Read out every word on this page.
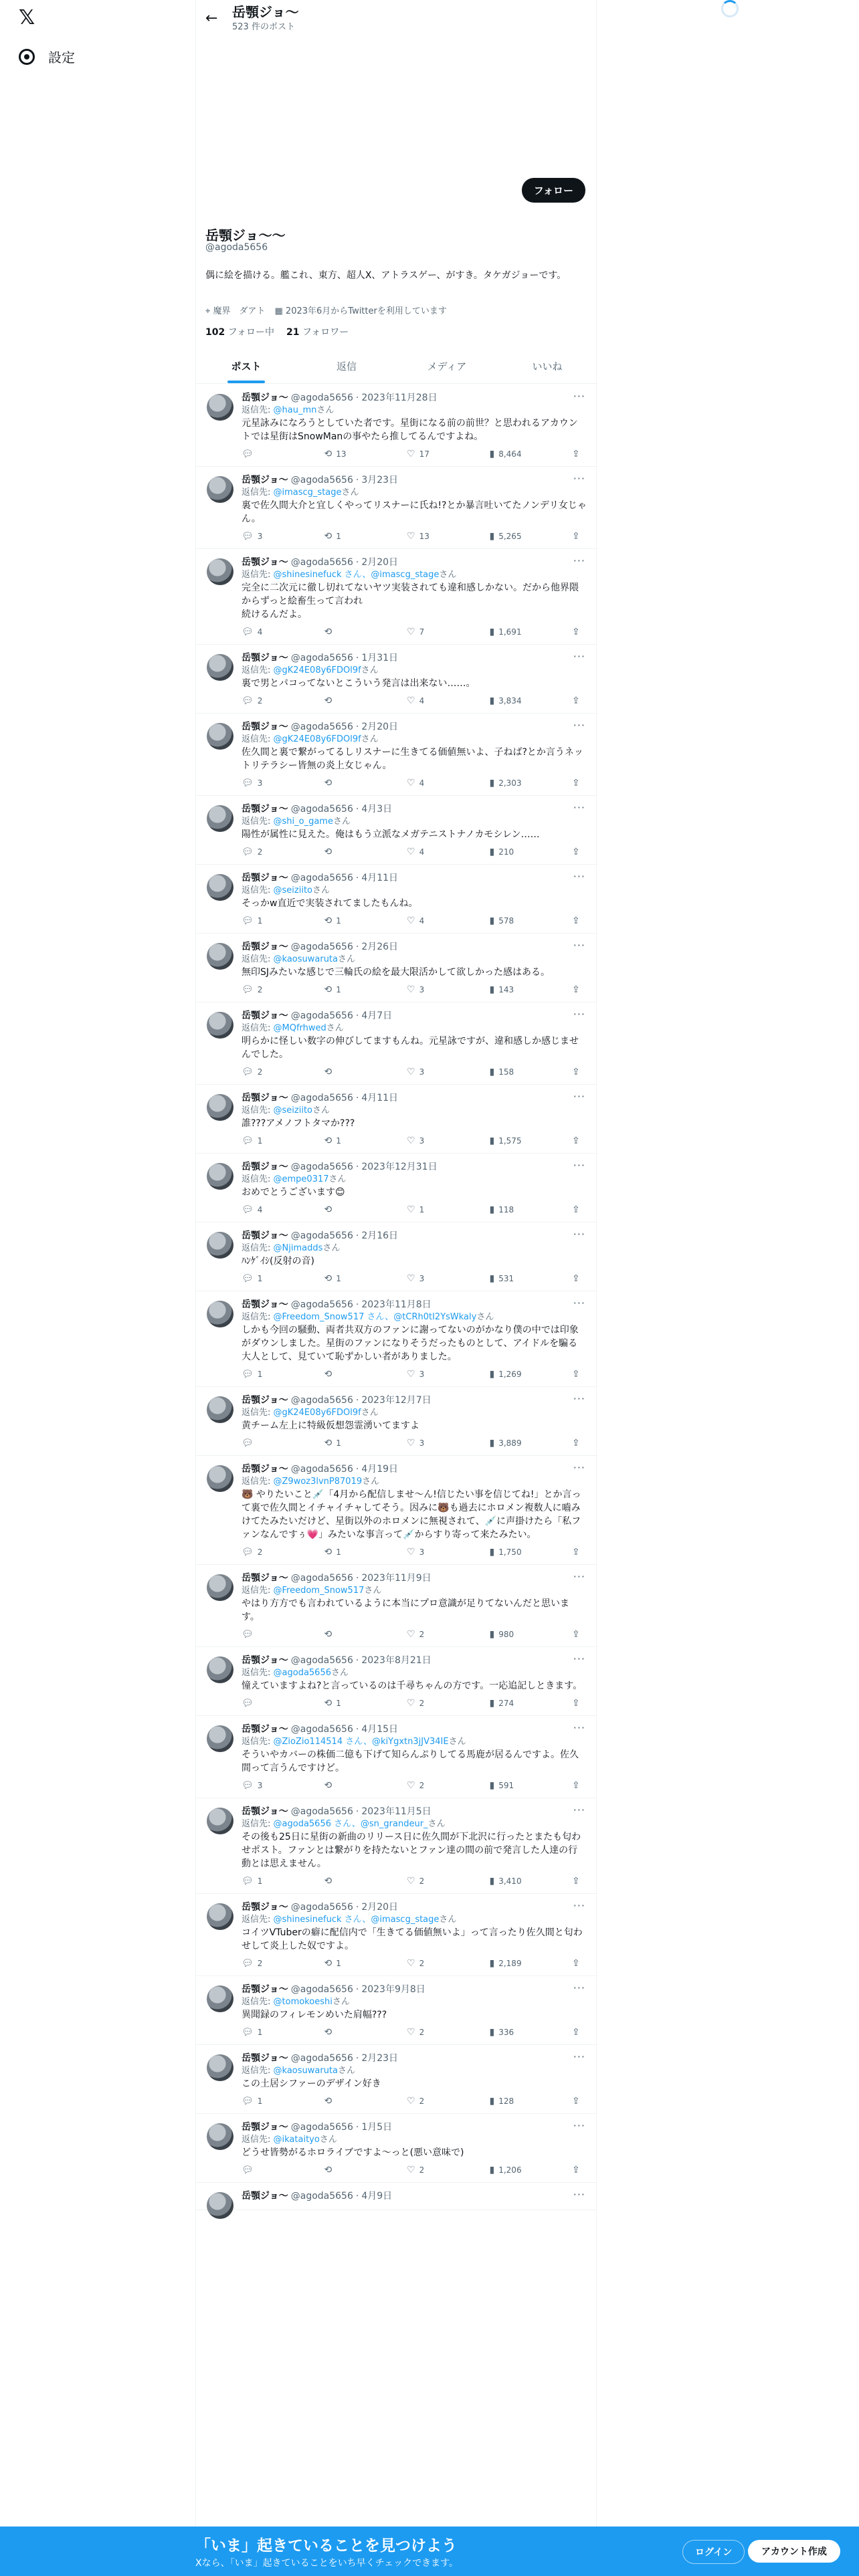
𝕏
設定
←	岳顎ジョ～
523 件のポスト
フォロー
岳顎ジョ～～
@agoda5656
偶に絵を描ける。艦これ、東方、超人X、アトラスゲー、がすき。タケガジョーです。
⌖ 魔界　ダアト ▦ 2023年6月からTwitterを利用しています
102 フォロー中 21 フォロワー
ポスト	返信	メディア	いいね
岳顎ジョ～ @agoda5656 · 2023年11月28日	···
返信先: @hau_mnさん
元星詠みになろうとしていた者です。星街になる前の前世？と思われるアカウントでは星街はSnowManの事やたら推してるんですよね。
💬︎	⟲ 13	♡ 17	▮ 8,464	⇪
岳顎ジョ～ @agoda5656 · 3月23日	···
返信先: @imascg_stageさん
裏で佐久間大介と宜しくやってリスナーに氏ね!?とか暴言吐いてたノンデリ女じゃん。
💬︎ 3	⟲ 1	♡ 13	▮ 5,265	⇪
岳顎ジョ～ @agoda5656 · 2月20日	···
返信先: @shinesinefuck さん、@imascg_stageさん
完全に二次元に徹し切れてないヤツ実装されても違和感しかない。だから他界隈からずっと絵畜生って言われ
続けるんだよ。
💬︎ 4	⟲	♡ 7	▮ 1,691	⇪
岳顎ジョ～ @agoda5656 · 1月31日	···
返信先: @gK24E08y6FDOl9fさん
裏で男とパコってないとこういう発言は出来ない……。
💬︎ 2	⟲	♡ 4	▮ 3,834	⇪
岳顎ジョ～ @agoda5656 · 2月20日	···
返信先: @gK24E08y6FDOl9fさん
佐久間と裏で繋がってるしリスナーに生きてる価値無いよ、子ねば?とか言うネットリテラシー皆無の炎上女じゃん。
💬︎ 3	⟲	♡ 4	▮ 2,303	⇪
岳顎ジョ～ @agoda5656 · 4月3日	···
返信先: @shi_o_gameさん
陽性が属性に見えた。俺はもう立派なメガテニストナノカモシレン……
💬︎ 2	⟲	♡ 4	▮ 210	⇪
岳顎ジョ～ @agoda5656 · 4月11日	···
返信先: @seiziitoさん
そっかw直近で実装されてましたもんね。
💬︎ 1	⟲ 1	♡ 4	▮ 578	⇪
岳顎ジョ～ @agoda5656 · 2月26日	···
返信先: @kaosuwarutaさん
無印SJみたいな感じで三輪氏の絵を最大限活かして欲しかった感はある。
💬︎ 2	⟲ 1	♡ 3	▮ 143	⇪
岳顎ジョ～ @agoda5656 · 4月7日	···
返信先: @MQfrhwedさん
明らかに怪しい数字の伸びしてますもんね。元星詠ですが、違和感しか感じませんでした。
💬︎ 2	⟲	♡ 3	▮ 158	⇪
岳顎ジョ～ @agoda5656 · 4月11日	···
返信先: @seiziitoさん
誰???アメノフトタマか???
💬︎ 1	⟲ 1	♡ 3	▮ 1,575	⇪
岳顎ジョ～ @agoda5656 · 2023年12月31日	···
返信先: @empe0317さん
おめでとうございます😊
💬︎ 4	⟲	♡ 1	▮ 118	⇪
岳顎ジョ～ @agoda5656 · 2月16日	···
返信先: @Njimaddsさん
ﾊﾝｹﾞｲｼ(反射の音)
💬︎ 1	⟲ 1	♡ 3	▮ 531	⇪
岳顎ジョ～ @agoda5656 · 2023年11月8日	···
返信先: @Freedom_Snow517 さん、@tCRh0tI2YsWkalyさん
しかも今回の騒動、両者共双方のファンに謝ってないのがかなり僕の中では印象がダウンしました。星街のファンになりそうだったものとして、アイドルを騙る大人として、見ていて恥ずかしい者がありました。
💬︎ 1	⟲	♡ 3	▮ 1,269	⇪
岳顎ジョ～ @agoda5656 · 2023年12月7日	···
返信先: @gK24E08y6FDOl9fさん
黄チーム左上に特級仮想怨霊湧いてますよ
💬︎	⟲ 1	♡ 3	▮ 3,889	⇪
岳顎ジョ～ @agoda5656 · 4月19日	···
返信先: @Z9woz3lvnP87019さん
🐻 やりたいこと💉「4月から配信しませ〜ん!信じたい事を信じてね!」とか言って裏で佐久間とイチャイチャしてそう。因みに🐻も過去にホロメン複数人に嚙みけてたみたいだけど、星街以外のホロメンに無視されて、💉に声掛けたら「私ファンなんですぅ💗」みたいな事言って💉からすり寄って来たみたい。
💬︎ 2	⟲ 1	♡ 3	▮ 1,750	⇪
岳顎ジョ～ @agoda5656 · 2023年11月9日	···
返信先: @Freedom_Snow517さん
やはり方方でも言われているように本当にプロ意識が足りてないんだと思います。
💬︎	⟲	♡ 2	▮ 980	⇪
岳顎ジョ～ @agoda5656 · 2023年8月21日	···
返信先: @agoda5656さん
憧えていますよね?と言っているのは千尋ちゃんの方です。一応追記しときます。
💬︎	⟲ 1	♡ 2	▮ 274	⇪
岳顎ジョ～ @agoda5656 · 4月15日	···
返信先: @ZioZio114514 さん、@kiYgxtn3jJV34IEさん
そういやカバーの株価二億も下げて知らんぷりしてる馬鹿が居るんですよ。佐久間って言うんですけど。
💬︎ 3	⟲	♡ 2	▮ 591	⇪
岳顎ジョ～ @agoda5656 · 2023年11月5日	···
返信先: @agoda5656 さん、@sn_grandeur_さん
その後も25日に星街の新曲のリリース日に佐久間が下北沢に行ったとまたも匂わせポスト。ファンとは繋がりを持たないとファン達の間の前で発言した人達の行動とは思えません。
💬︎ 1	⟲	♡ 2	▮ 3,410	⇪
岳顎ジョ～ @agoda5656 · 2月20日	···
返信先: @shinesinefuck さん、@imascg_stageさん
コイツVTuberの癖に配信内で「生きてる価値無いよ」って言ったり佐久間と匂わせして炎上した奴ですよ。
💬︎ 2	⟲ 1	♡ 2	▮ 2,189	⇪
岳顎ジョ～ @agoda5656 · 2023年9月8日	···
返信先: @tomokoeshiさん
異聞録のフィレモンめいた肩幅???
💬︎ 1	⟲	♡ 2	▮ 336	⇪
岳顎ジョ～ @agoda5656 · 2月23日	···
返信先: @kaosuwarutaさん
この土居シファーのデザイン好き
💬︎ 1	⟲	♡ 2	▮ 128	⇪
岳顎ジョ～ @agoda5656 · 1月5日	···
返信先: @ikataityoさん
どうせ皆勢がるホロライブですよ〜っと(悪い意味で)
💬︎	⟲	♡ 2	▮ 1,206	⇪
岳顎ジョ～ @agoda5656 · 4月9日	···
「いま」起きていることを見つけよう
Xなら、「いま」起きていることをいち早くチェックできます。
ログイン	アカウント作成
